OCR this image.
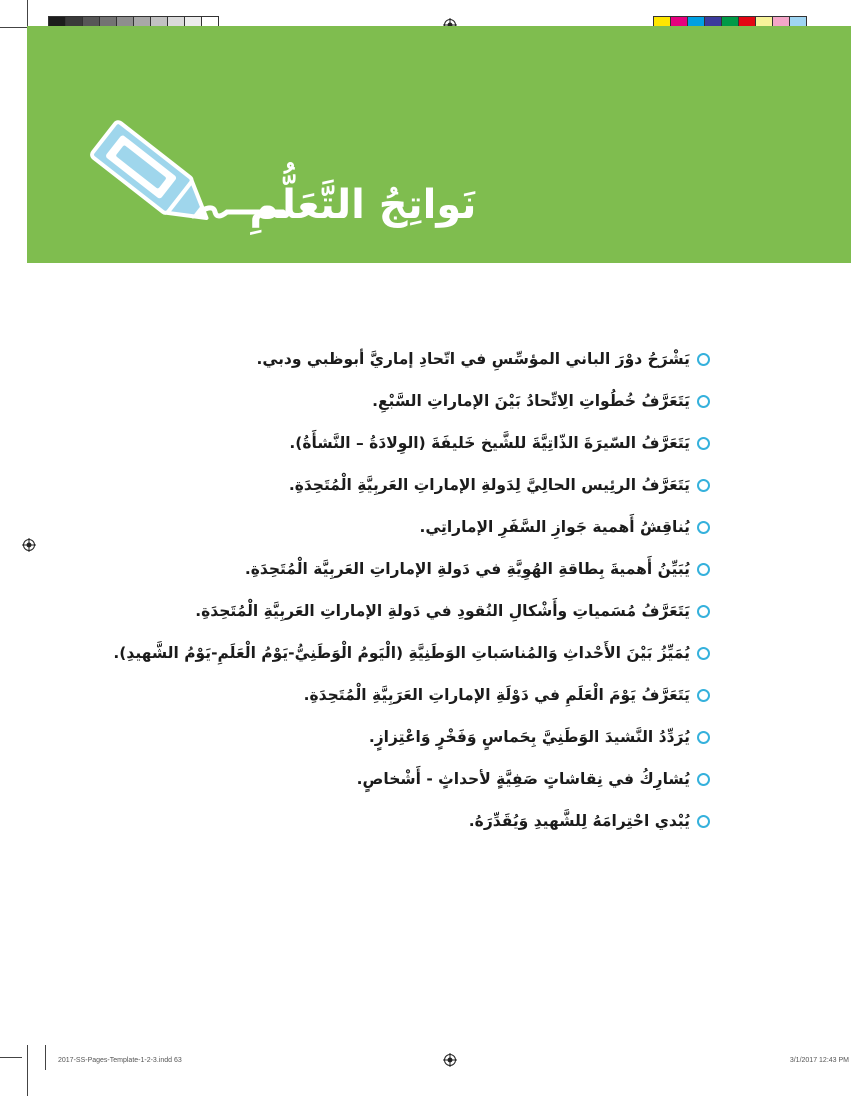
نَواتِجُ التَّعَلُّمِ
يَشْرَحُ دوْرَ الباني المؤسِّسِ في اتّحادِ إماريَّ أبوظبي ودبي.
يَتَعَرَّفُ خُطُواتِ الِاتِّحادُ بَيْنَ الإماراتِ السَّبْعِ.
يَتَعَرَّفُ السّيرَةَ الذّاتِيَّةَ للشَّيخ خَليفَةَ (الوِلادَةُ – النَّشأَةُ).
يَتَعَرَّفُ الرئِيس الحالِيَّ لِدَولةِ الإماراتِ العَربِيَّةِ الْمُتَحِدَةِ.
يُناقِشُ أَهمية جَوازِ السَّفَرِ الإماراتِي.
يُبَيِّنُ أَهميةَ بِطاقةِ الهُوِيَّةِ في دَولةِ الإماراتِ العَربِيَّة الْمُتَحِدَةِ.
يَتَعَرَّفُ مُسَمياتِ وأَشْكالِ النُقودِ في دَولةِ الإماراتِ العَربِيَّةِ الْمُتَحِدَةِ.
يُمَيِّزُ بَيْنَ الأَحْداثِ وَالمُناسَباتِ الوَطَنِيَّةِ (الْيَومُ الْوَطَنِيُّ-يَوْمُ الْعَلَمِ-يَوْمُ الشَّهيدِ).
يَتَعَرَّفُ يَوْمَ الْعَلَمِ في دَوْلَةِ الإماراتِ العَرَبِيَّةِ الْمُتَحِدَةِ.
يُرَدِّدُ النَّشيدَ الوَطَنِيَّ بِحَماسٍ وَفَخْرٍ وَاعْتِزازٍ.
يُشارِكُ في نِقاشاتٍ صَفِيَّةٍ لأحداثٍ - أَشْخاصٍ.
يُبْدي احْتِرامَهُ لِلشَّهيدِ وَيُقَدِّرَهُ.
2017-SS-Pages-Template-1-2-3.indd 63	3/1/2017 12:43 PM
